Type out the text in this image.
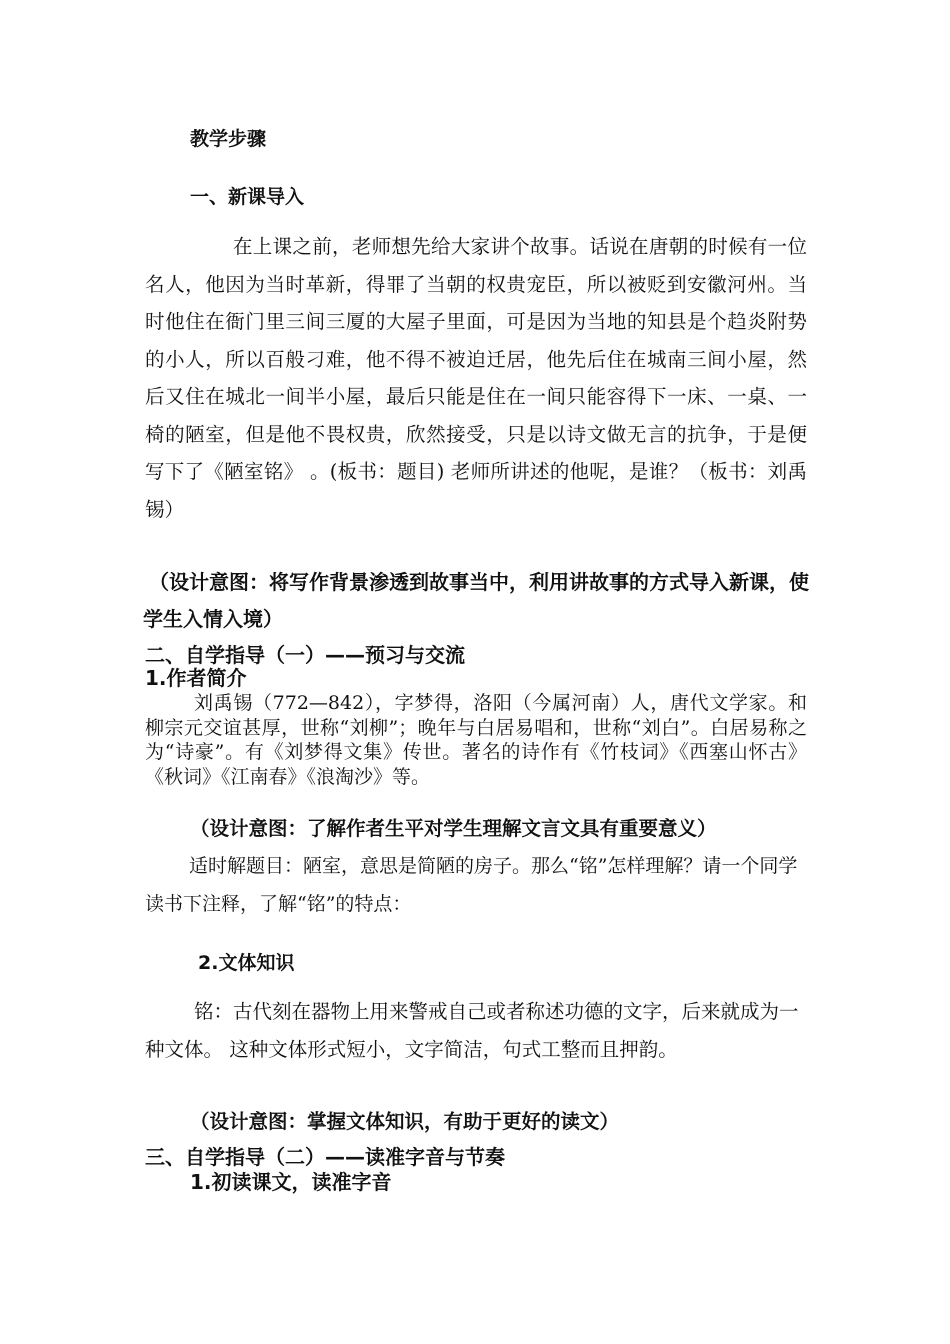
教学步骤
一、新课导入
在上课之前，老师想先给大家讲个故事。话说在唐朝的时候有一位名人，他因为当时革新，得罪了当朝的权贵宠臣，所以被贬到安徽河州。当时他住在衙门里三间三厦的大屋子里面，可是因为当地的知县是个趋炎附势的小人，所以百般刁难，他不得不被迫迁居，他先后住在城南三间小屋，然后又住在城北一间半小屋，最后只能是住在一间只能容得下一床、一桌、一椅的陋室，但是他不畏权贵，欣然接受，只是以诗文做无言的抗争，于是便写下了《陋室铭》 。(板书：题目) 老师所讲述的他呢，是谁？（板书：刘禹锡）
（设计意图：将写作背景渗透到故事当中，利用讲故事的方式导入新课，使学生入情入境）
二、自学指导（一）——预习与交流
1.作者简介
刘禹锡（772—842），字梦得，洛阳（今属河南）人，唐代文学家。和柳宗元交谊甚厚，世称“刘柳”；晚年与白居易唱和，世称“刘白”。白居易称之为“诗豪”。有《刘梦得文集》传世。著名的诗作有《竹枝词》《西塞山怀古》《秋词》《江南春》《浪淘沙》等。
（设计意图：了解作者生平对学生理解文言文具有重要意义）
适时解题目：陋室，意思是简陋的房子。那么“铭”怎样理解？请一个同学读书下注释，了解“铭”的特点：
2.文体知识
铭：古代刻在器物上用来警戒自己或者称述功德的文字，后来就成为一种文体。 这种文体形式短小，文字简洁，句式工整而且押韵。
（设计意图：掌握文体知识，有助于更好的读文）
三、自学指导（二）——读准字音与节奏
1.初读课文，读准字音
